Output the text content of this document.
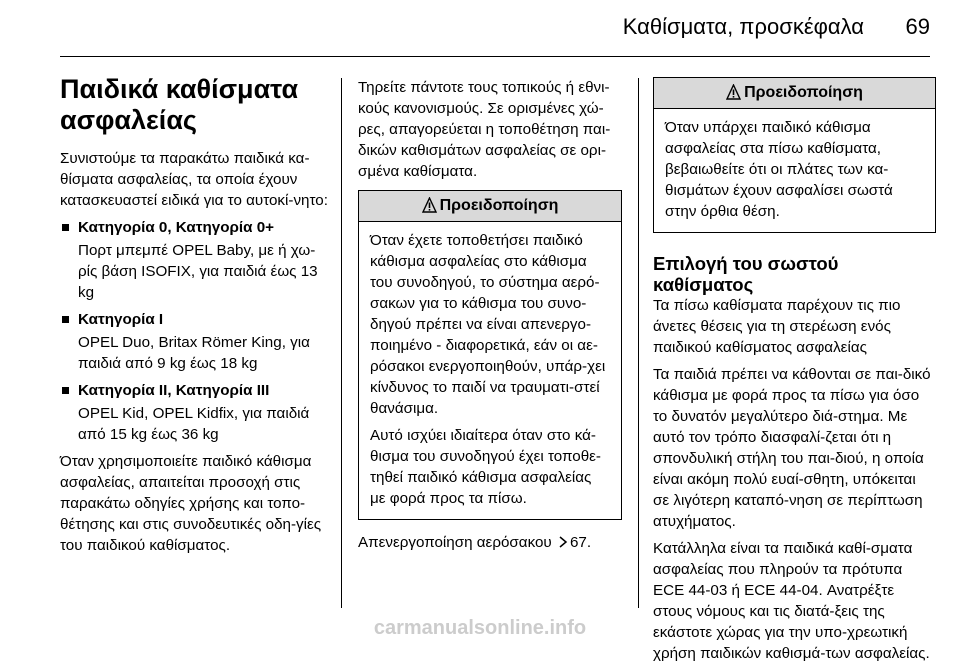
Καθίσματα, προσκέφαλα 69
Παιδικά καθίσματα
ασφαλείας

Συνιστούμε τα παρακάτω παιδικά κα-θίσματα ασφαλείας, τα οποία έχουν κατασκευαστεί ειδικά για το αυτοκί-νητο:

Κατηγορία 0, Κατηγορία 0+
Πορτ μπεμπέ OPEL Baby, με ή χω-ρίς βάση ISOFIX, για παιδιά έως 13 kg
Κατηγορία I
OPEL Duo, Britax Römer King, για παιδιά από 9 kg έως 18 kg
Κατηγορία II, Κατηγορία III
OPEL Kid, OPEL Kidfix, για παιδιά από 15 kg έως 36 kg

Όταν χρησιμοποιείτε παιδικό κάθισμα ασφαλείας, απαιτείται προσοχή στις παρακάτω οδηγίες χρήσης και τοπο-θέτησης και στις συνοδευτικές οδη-γίες του παιδικού καθίσματος.

Τηρείτε πάντοτε τους τοπικούς ή εθνι-κούς κανονισμούς. Σε ορισμένες χώ-ρες, απαγορεύεται η τοποθέτηση παι-δικών καθισμάτων ασφαλείας σε ορι-σμένα καθίσματα.

Προειδοποίηση

Όταν έχετε τοποθετήσει παιδικό κάθισμα ασφαλείας στο κάθισμα του συνοδηγού, το σύστημα αερό-σακων για το κάθισμα του συνο-δηγού πρέπει να είναι απενεργο-ποιημένο - διαφορετικά, εάν οι αε-ρόσακοι ενεργοποιηθούν, υπάρ-χει κίνδυνος το παιδί να τραυματι-στεί θανάσιμα.

Αυτό ισχύει ιδιαίτερα όταν στο κά-θισμα του συνοδηγού έχει τοποθε-τηθεί παιδικό κάθισμα ασφαλείας με φορά προς τα πίσω.

Απενεργοποίηση αερόσακου 67.

Προειδοποίηση

Όταν υπάρχει παιδικό κάθισμα ασφαλείας στα πίσω καθίσματα, βεβαιωθείτε ότι οι πλάτες των κα-θισμάτων έχουν ασφαλίσει σωστά στην όρθια θέση.

Επιλογή του σωστού
καθίσματος

Τα πίσω καθίσματα παρέχουν τις πιο άνετες θέσεις για τη στερέωση ενός παιδικού καθίσματος ασφαλείας

Τα παιδιά πρέπει να κάθονται σε παι-δικό κάθισμα με φορά προς τα πίσω για όσο το δυνατόν μεγαλύτερο διά-στημα. Με αυτό τον τρόπο διασφαλί-ζεται ότι η σπονδυλική στήλη του παι-διού, η οποία είναι ακόμη πολύ ευαί-σθητη, υπόκειται σε λιγότερη καταπό-νηση σε περίπτωση ατυχήματος.

Κατάλληλα είναι τα παιδικά καθί-σματα ασφαλείας που πληρούν τα πρότυπα ECE 44-03 ή ECE 44-04. Ανατρέξτε στους νόμους και τις διατά-ξεις της εκάστοτε χώρας για την υπο-χρεωτική χρήση παιδικών καθισμά-των ασφαλείας.

carmanualsonline.info
